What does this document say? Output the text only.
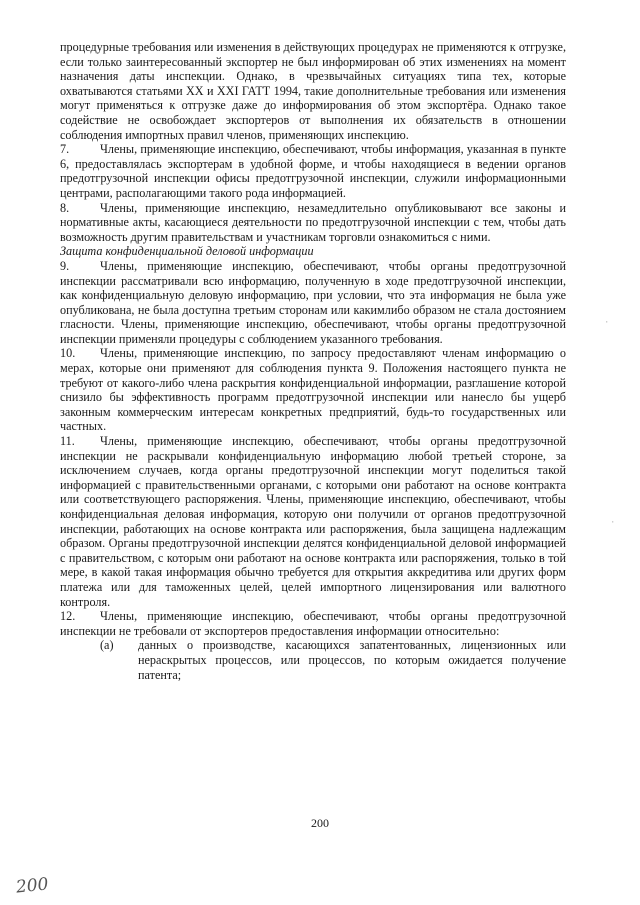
процедурные требования или изменения в действующих процедурах не применяются к отгрузке, если только заинтересованный экспортер не был информирован об этих изменениях на момент назначения даты инспекции. Однако, в чрезвычайных ситуациях типа тех, которые охватываются статьями XX и XXI ГАТТ 1994, такие дополнительные требования или изменения могут применяться к отгрузке даже до информирования об этом экспортёра. Однако такое содействие не освобождает экспортеров от выполнения их обязательств в отношении соблюдения импортных правил членов, применяющих инспекцию.

7.	Члены, применяющие инспекцию, обеспечивают, чтобы информация, указанная в пункте 6, предоставлялась экспортерам в удобной форме, и чтобы находящиеся в ведении органов предотгрузочной инспекции офисы предотгрузочной инспекции, служили информационными центрами, располагающими такого рода информацией.

8.	Члены, применяющие инспекцию, незамедлительно опубликовывают все законы и нормативные акты, касающиеся деятельности по предотгрузочной инспекции с тем, чтобы дать возможность другим правительствам и участникам торговли ознакомиться с ними.

Защита конфиденциальной деловой информации

9.	Члены, применяющие инспекцию, обеспечивают, чтобы органы предотгрузочной инспекции рассматривали всю информацию, полученную в ходе предотгрузочной инспекции, как конфиденциальную деловую информацию, при условии, что эта информация не была уже опубликована, не была доступна третьим сторонам или какимлибо образом не стала достоянием гласности. Члены, применяющие инспекцию, обеспечивают, чтобы органы предотгрузочной инспекции применяли процедуры с соблюдением указанного требования.

10. Члены, применяющие инспекцию, по запросу предоставляют членам информацию о мерах, которые они применяют для соблюдения пункта 9. Положения настоящего пункта не требуют от какого-либо члена раскрытия конфиденциальной информации, разглашение которой снизило бы эффективность программ предотгрузочной инспекции или нанесло бы ущерб законным коммерческим интересам конкретных предприятий, будь-то государственных или частных.

11. Члены, применяющие инспекцию, обеспечивают, чтобы органы предотгрузочной инспекции не раскрывали конфиденциальную информацию любой третьей стороне, за исключением случаев, когда органы предотгрузочной инспекции могут поделиться такой информацией с правительственными органами, с которыми они работают на основе контракта или соответствующего распоряжения. Члены, применяющие инспекцию, обеспечивают, чтобы конфиденциальная деловая информация, которую они получили от органов предотгрузочной инспекции, работающих на основе контракта или распоряжения, была защищена надлежащим образом. Органы предотгрузочной инспекции делятся конфиденциальной деловой информацией с правительством, с которым они работают на основе контракта или распоряжения, только в той мере, в какой такая информация обычно требуется для открытия аккредитива или других форм платежа или для таможенных целей, целей импортного лицензирования или валютного контроля.

12. Члены, применяющие инспекцию, обеспечивают, чтобы органы предотгрузочной инспекции не требовали от экспортеров предоставления информации относительно:

(a) данных о производстве, касающихся запатентованных, лицензионных или нераскрытых процессов, или процессов, по которым ожидается получение патента;

200
200
·
·
